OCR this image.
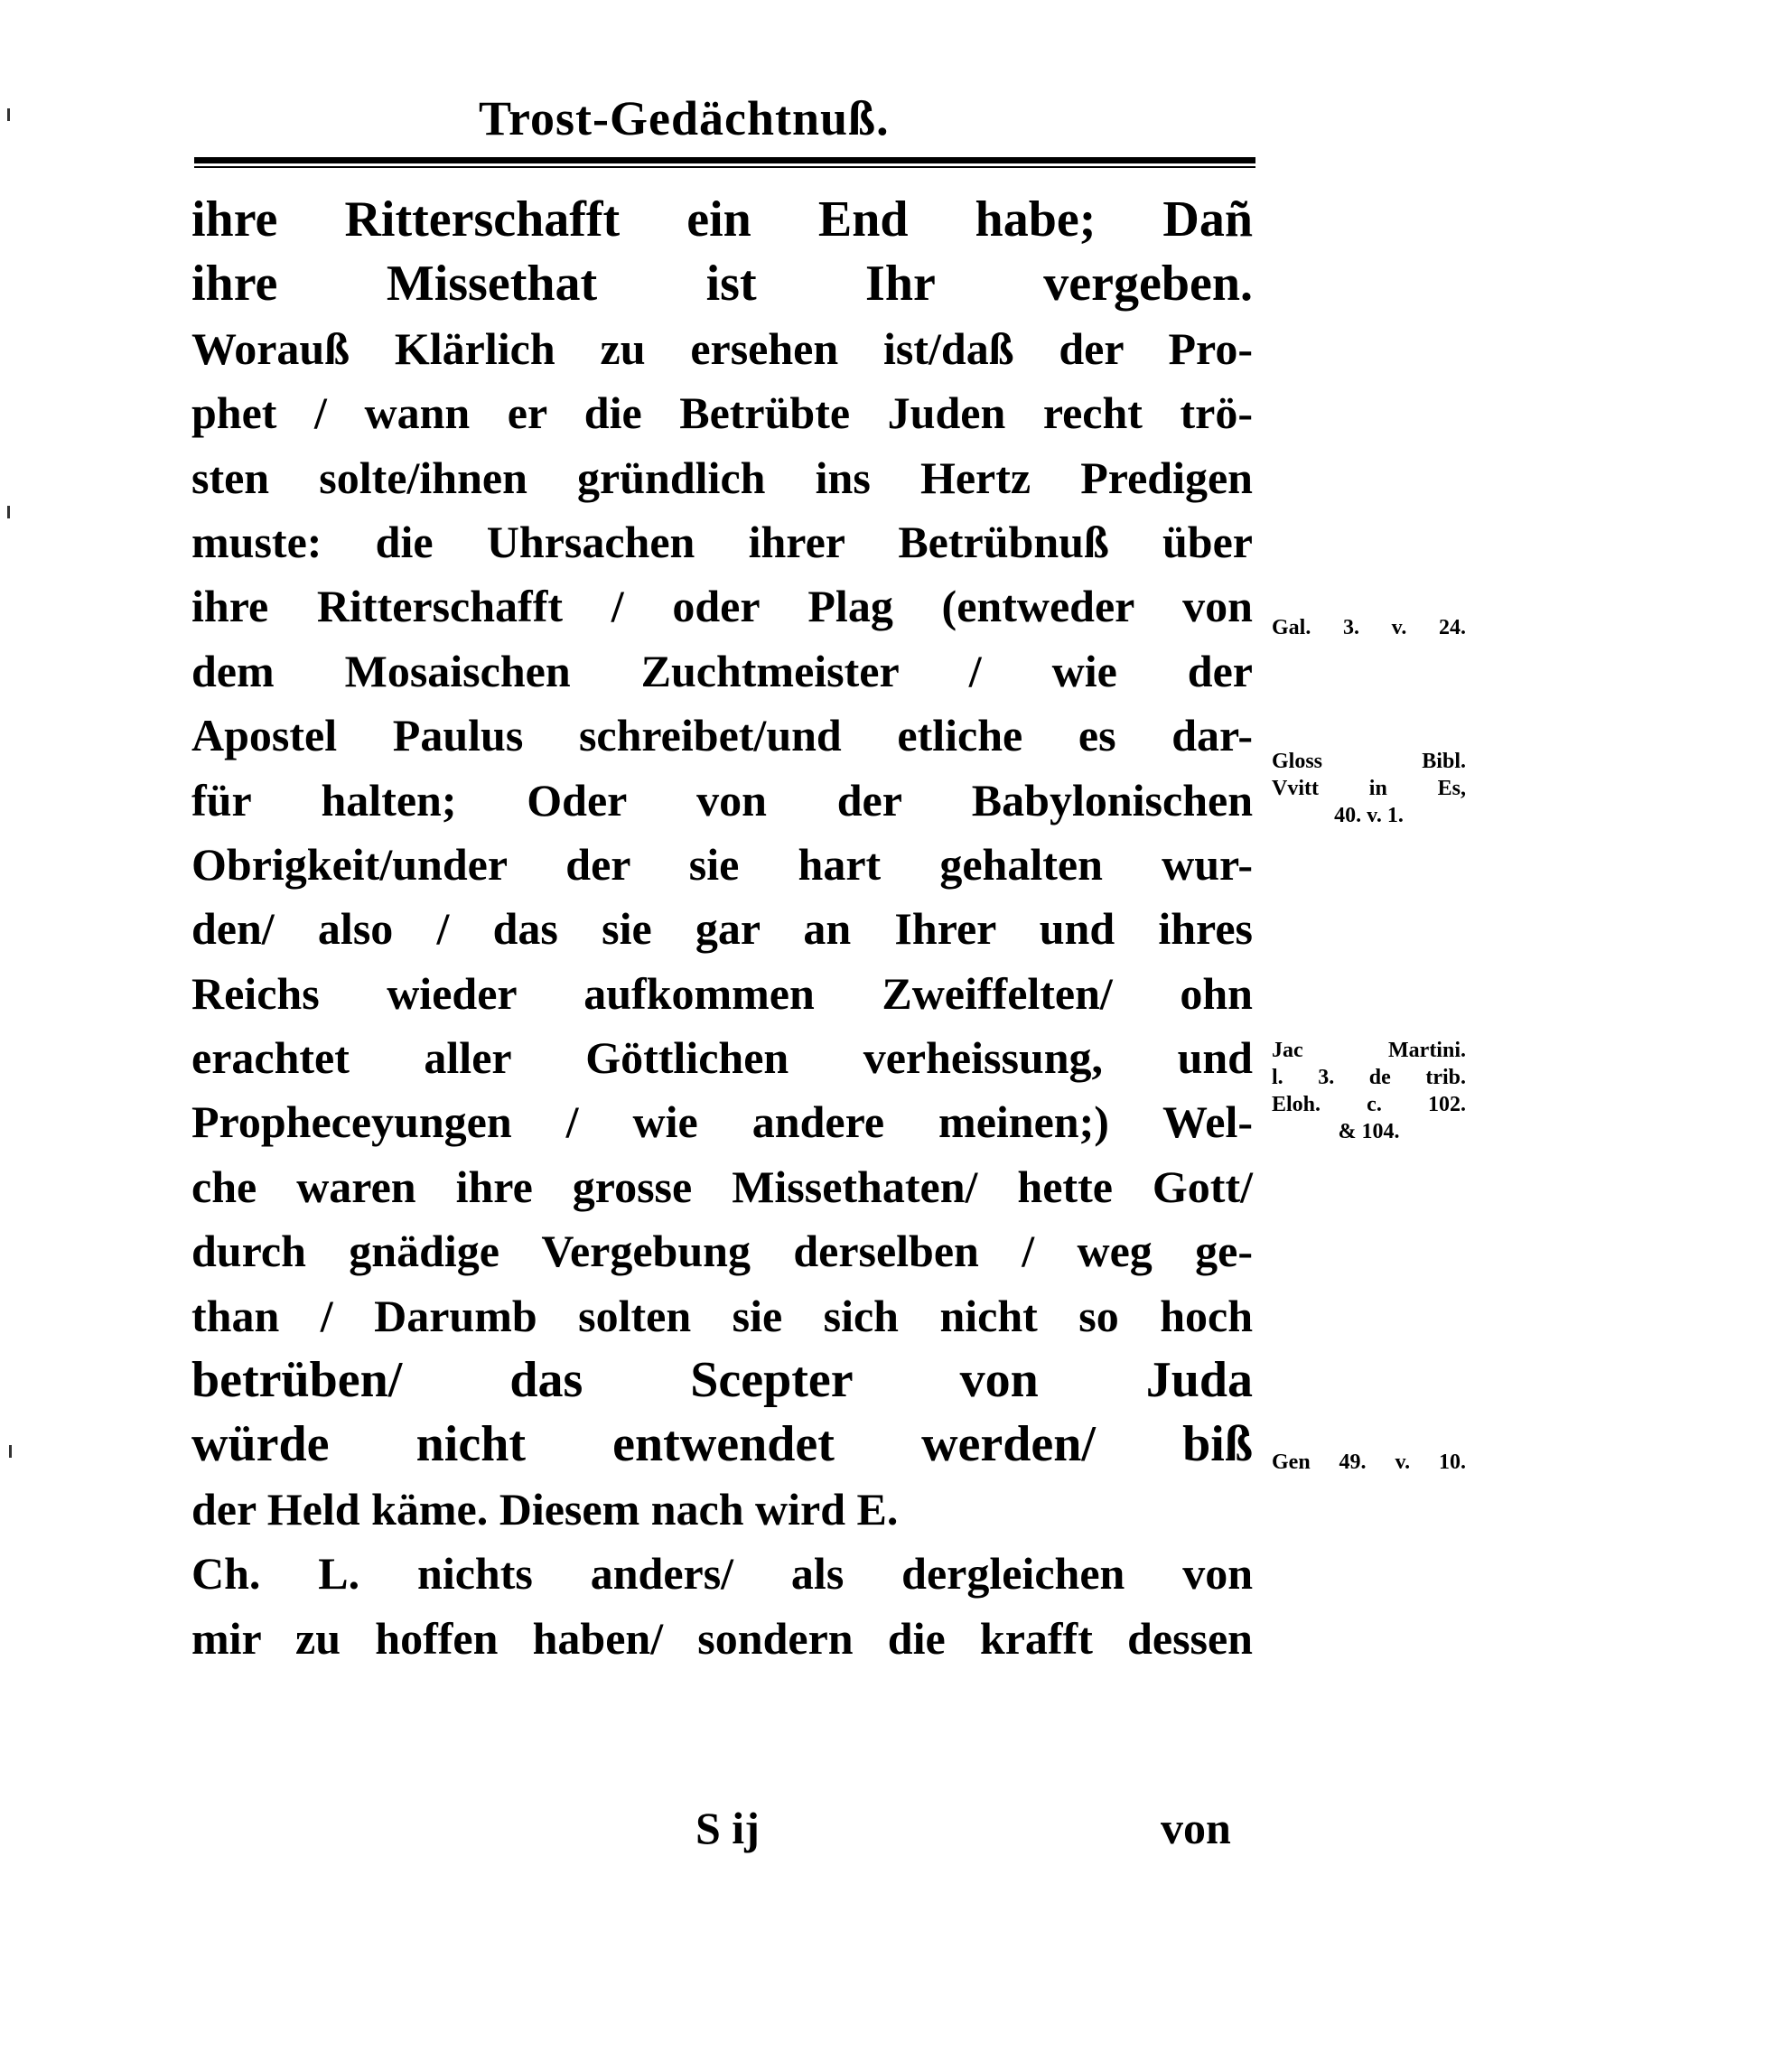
Trost-Gedächtnuß.
ihre Ritterschafft ein End habe; Dañ
ihre Missethat ist Ihr vergeben.
Worauß Klärlich zu ersehen ist/daß der Pro-
phet / wann er die Betrübte Juden recht trö-
sten solte/ihnen gründlich ins Hertz Predigen
muste: die Uhrsachen ihrer Betrübnuß über
ihre Ritterschafft / oder Plag (entweder von
dem Mosaischen Zuchtmeister / wie der
Apostel Paulus schreibet/und etliche es dar-
für halten; Oder von der Babylonischen
Obrigkeit/under der sie hart gehalten wur-
den/ also / das sie gar an Ihrer und ihres
Reichs wieder aufkommen Zweiffelten/ ohn
erachtet aller Göttlichen verheissung, und
Propheceyungen / wie andere meinen;) Wel-
che waren ihre grosse Missethaten/ hette Gott/
durch gnädige Vergebung derselben / weg ge-
than / Darumb solten sie sich nicht so hoch
betrüben/ das Scepter von Juda
würde nicht entwendet werden/ biß
der Held käme. Diesem nach wird E.
Ch. L. nichts anders/ als dergleichen von
mir zu hoffen haben/ sondern die krafft dessen
Gal. 3. v. 24.
Gloss Bibl.
Vvitt in Es,
40. v. 1.
Jac Martini.
l. 3. de trib.
Eloh. c. 102.
& 104.
Gen 49. v. 10.
S ij	von
